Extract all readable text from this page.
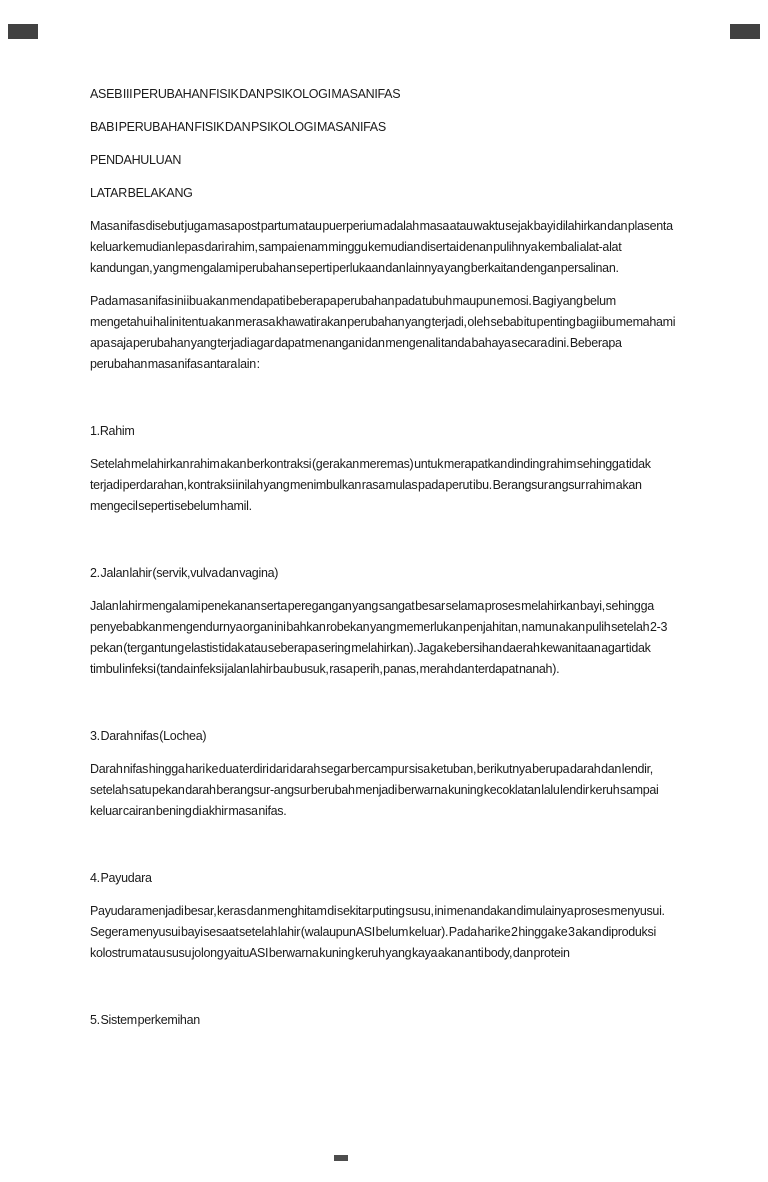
ASEB III PERUBAHAN FISIK DAN PSIKOLOGI MASA NIFAS
BAB I PERUBAHAN FISIK DAN PSIKOLOGI MASA NIFAS
PENDAHULUAN
LATAR BELAKANG

Masa nifas disebut juga masa post partum atau puerperium adalah masa atau waktu sejak bayi dilahirkan dan plasenta keluar kemudian lepas dari rahim, sampai enam minggu kemudian disertai denan pulihnya kembali alat-alat kandungan, yang mengalami perubahan seperti perlukaan dan lainnya yang berkaitan dengan persalinan.

Pada masa nifas ini ibu akan mendapati beberapa perubahan pada tubuh maupun emosi. Bagi yang belum mengetahui hal ini tentu akan merasa khawatir akan perubahan yang terjadi, oleh sebab itu penting bagi ibu memahami apa saja perubahan yang terjadi agar dapat menangani dan mengenali tanda bahaya secara dini. Beberapa perubahan masa nifas antara lain :

1.Rahim

Setelah melahirkan rahim akan berkontraksi (gerakan meremas) untuk merapatkan dinding rahim sehingga tidak terjadi perdarahan, kontraksi inilah yang menimbulkan rasa mulas pada perut ibu. Berangsur angsur rahim akan mengecil seperti sebelum hamil.

2. Jalan lahir (servik,vulva dan vagina)

Jalan lahir mengalami penekanan serta peregangan yang sangat besar selama proses melahirkan bayi, sehingga penyebabkan mengendurnya organ ini bahkan robekan yang memerlukan penjahitan, namun akan pulih setelah 2-3 pekan (tergantung elastis tidak atau seberapa sering melahirkan). Jaga kebersihan daerah kewanitaan agar tidak timbul infeksi (tanda infeksi jalan lahir bau busuk, rasa perih, panas, merah dan terdapat nanah).

3. Darah nifas (Lochea)

Darah nifas hingga hari ke dua terdiri dari darah segar bercampur sisa ketuban, berikutnya berupa darah dan lendir, setelah satu pekan darah berangsur-angsur berubah menjadi berwarna kuning kecoklatan lalu lendir keruh sampai keluar cairan bening di akhir masa nifas.

4. Payudara

Payudara menjadi besar, keras dan menghitam di sekitar puting susu, ini menandakan dimulainya proses menyusui. Segera menyusui bayi sesaat setelah lahir (walaupun ASI belum keluar). Pada hari ke 2 hingga ke 3 akan diproduksi kolostrum atau susu jolong yaitu ASI berwarna kuning keruh yang kaya akan anti body, dan protein

5. Sistem perkemihan
